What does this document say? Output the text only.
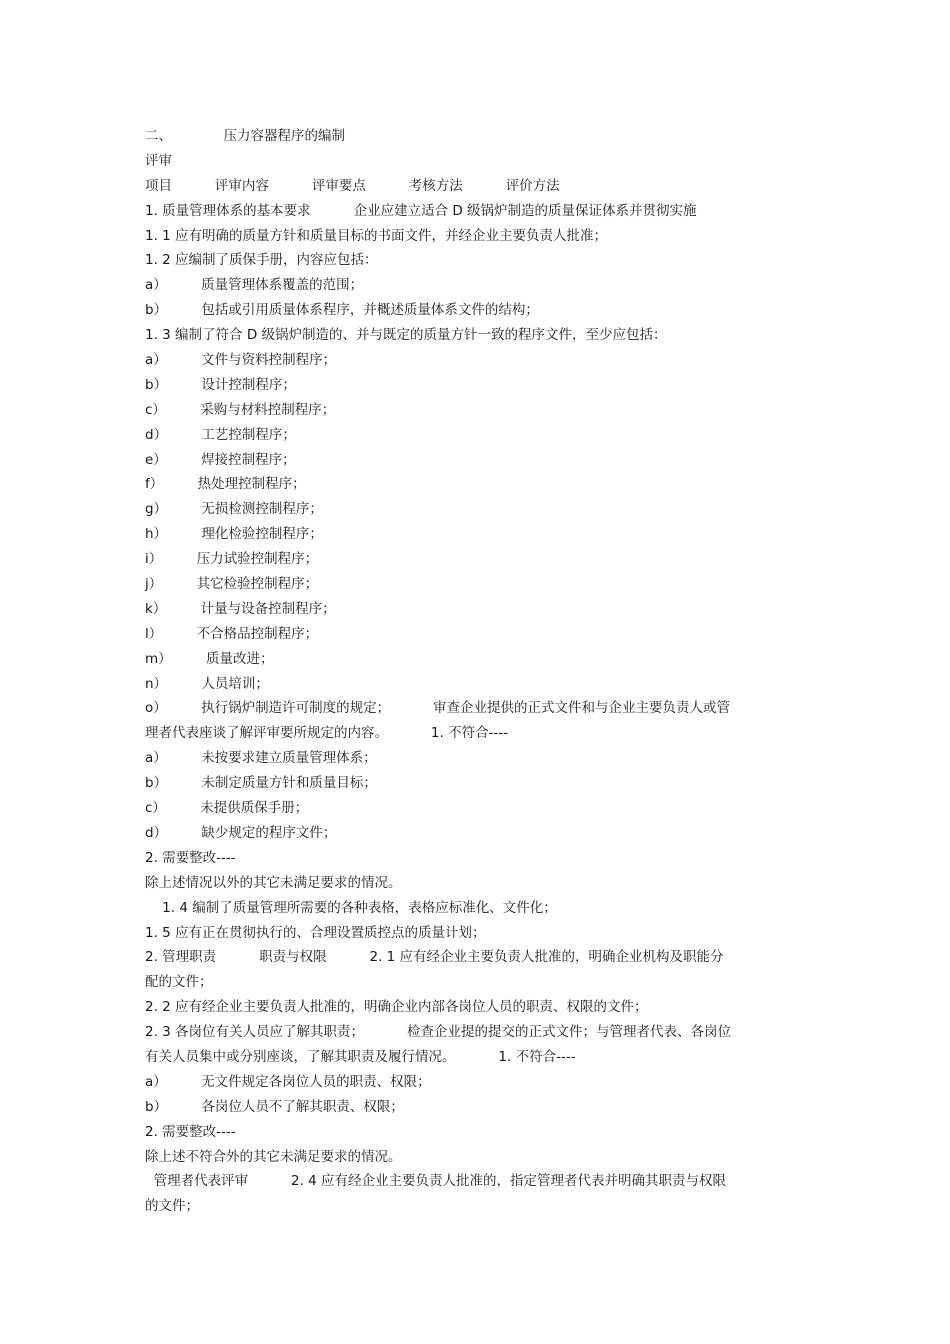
二、            压力容器程序的编制
评审
项目          评审内容          评审要点          考核方法          评价方法
1. 质量管理体系的基本要求          企业应建立适合 D 级锅炉制造的质量保证体系并贯彻实施
1. 1 应有明确的质量方针和质量目标的书面文件，并经企业主要负责人批准；
1. 2 应编制了质保手册，内容应包括：
a）        质量管理体系覆盖的范围；
b）        包括或引用质量体系程序，并概述质量体系文件的结构；
1. 3 编制了符合 D 级锅炉制造的、并与既定的质量方针一致的程序文件，至少应包括：
a）        文件与资料控制程序；
b）        设计控制程序；
c）        采购与材料控制程序；
d）        工艺控制程序；
e）        焊接控制程序；
f）        热处理控制程序；
g）        无损检测控制程序；
h）        理化检验控制程序；
i）        压力试验控制程序；
j）        其它检验控制程序；
k）        计量与设备控制程序；
l）        不合格品控制程序；
m）        质量改进；
n）        人员培训；
o）        执行锅炉制造许可制度的规定；          审查企业提供的正式文件和与企业主要负责人或管
理者代表座谈了解评审要所规定的内容。          1. 不符合----
a）        未按要求建立质量管理体系；
b）        未制定质量方针和质量目标；
c）        未提供质保手册；
d）        缺少规定的程序文件；
2. 需要整改----
除上述情况以外的其它未满足要求的情况。
1. 4 编制了质量管理所需要的各种表格，表格应标准化、文件化；
1. 5 应有正在贯彻执行的、合理设置质控点的质量计划；
2. 管理职责          职责与权限          2. 1 应有经企业主要负责人批准的，明确企业机构及职能分
配的文件；
2. 2 应有经企业主要负责人批准的，明确企业内部各岗位人员的职责、权限的文件；
2. 3 各岗位有关人员应了解其职责；          检查企业提的提交的正式文件；与管理者代表、各岗位
有关人员集中或分别座谈，了解其职责及履行情况。          1. 不符合----
a）        无文件规定各岗位人员的职责、权限；
b）        各岗位人员不了解其职责、权限；
2. 需要整改----
除上述不符合外的其它未满足要求的情况。
管理者代表评审          2. 4 应有经企业主要负责人批准的，指定管理者代表并明确其职责与权限
的文件；
